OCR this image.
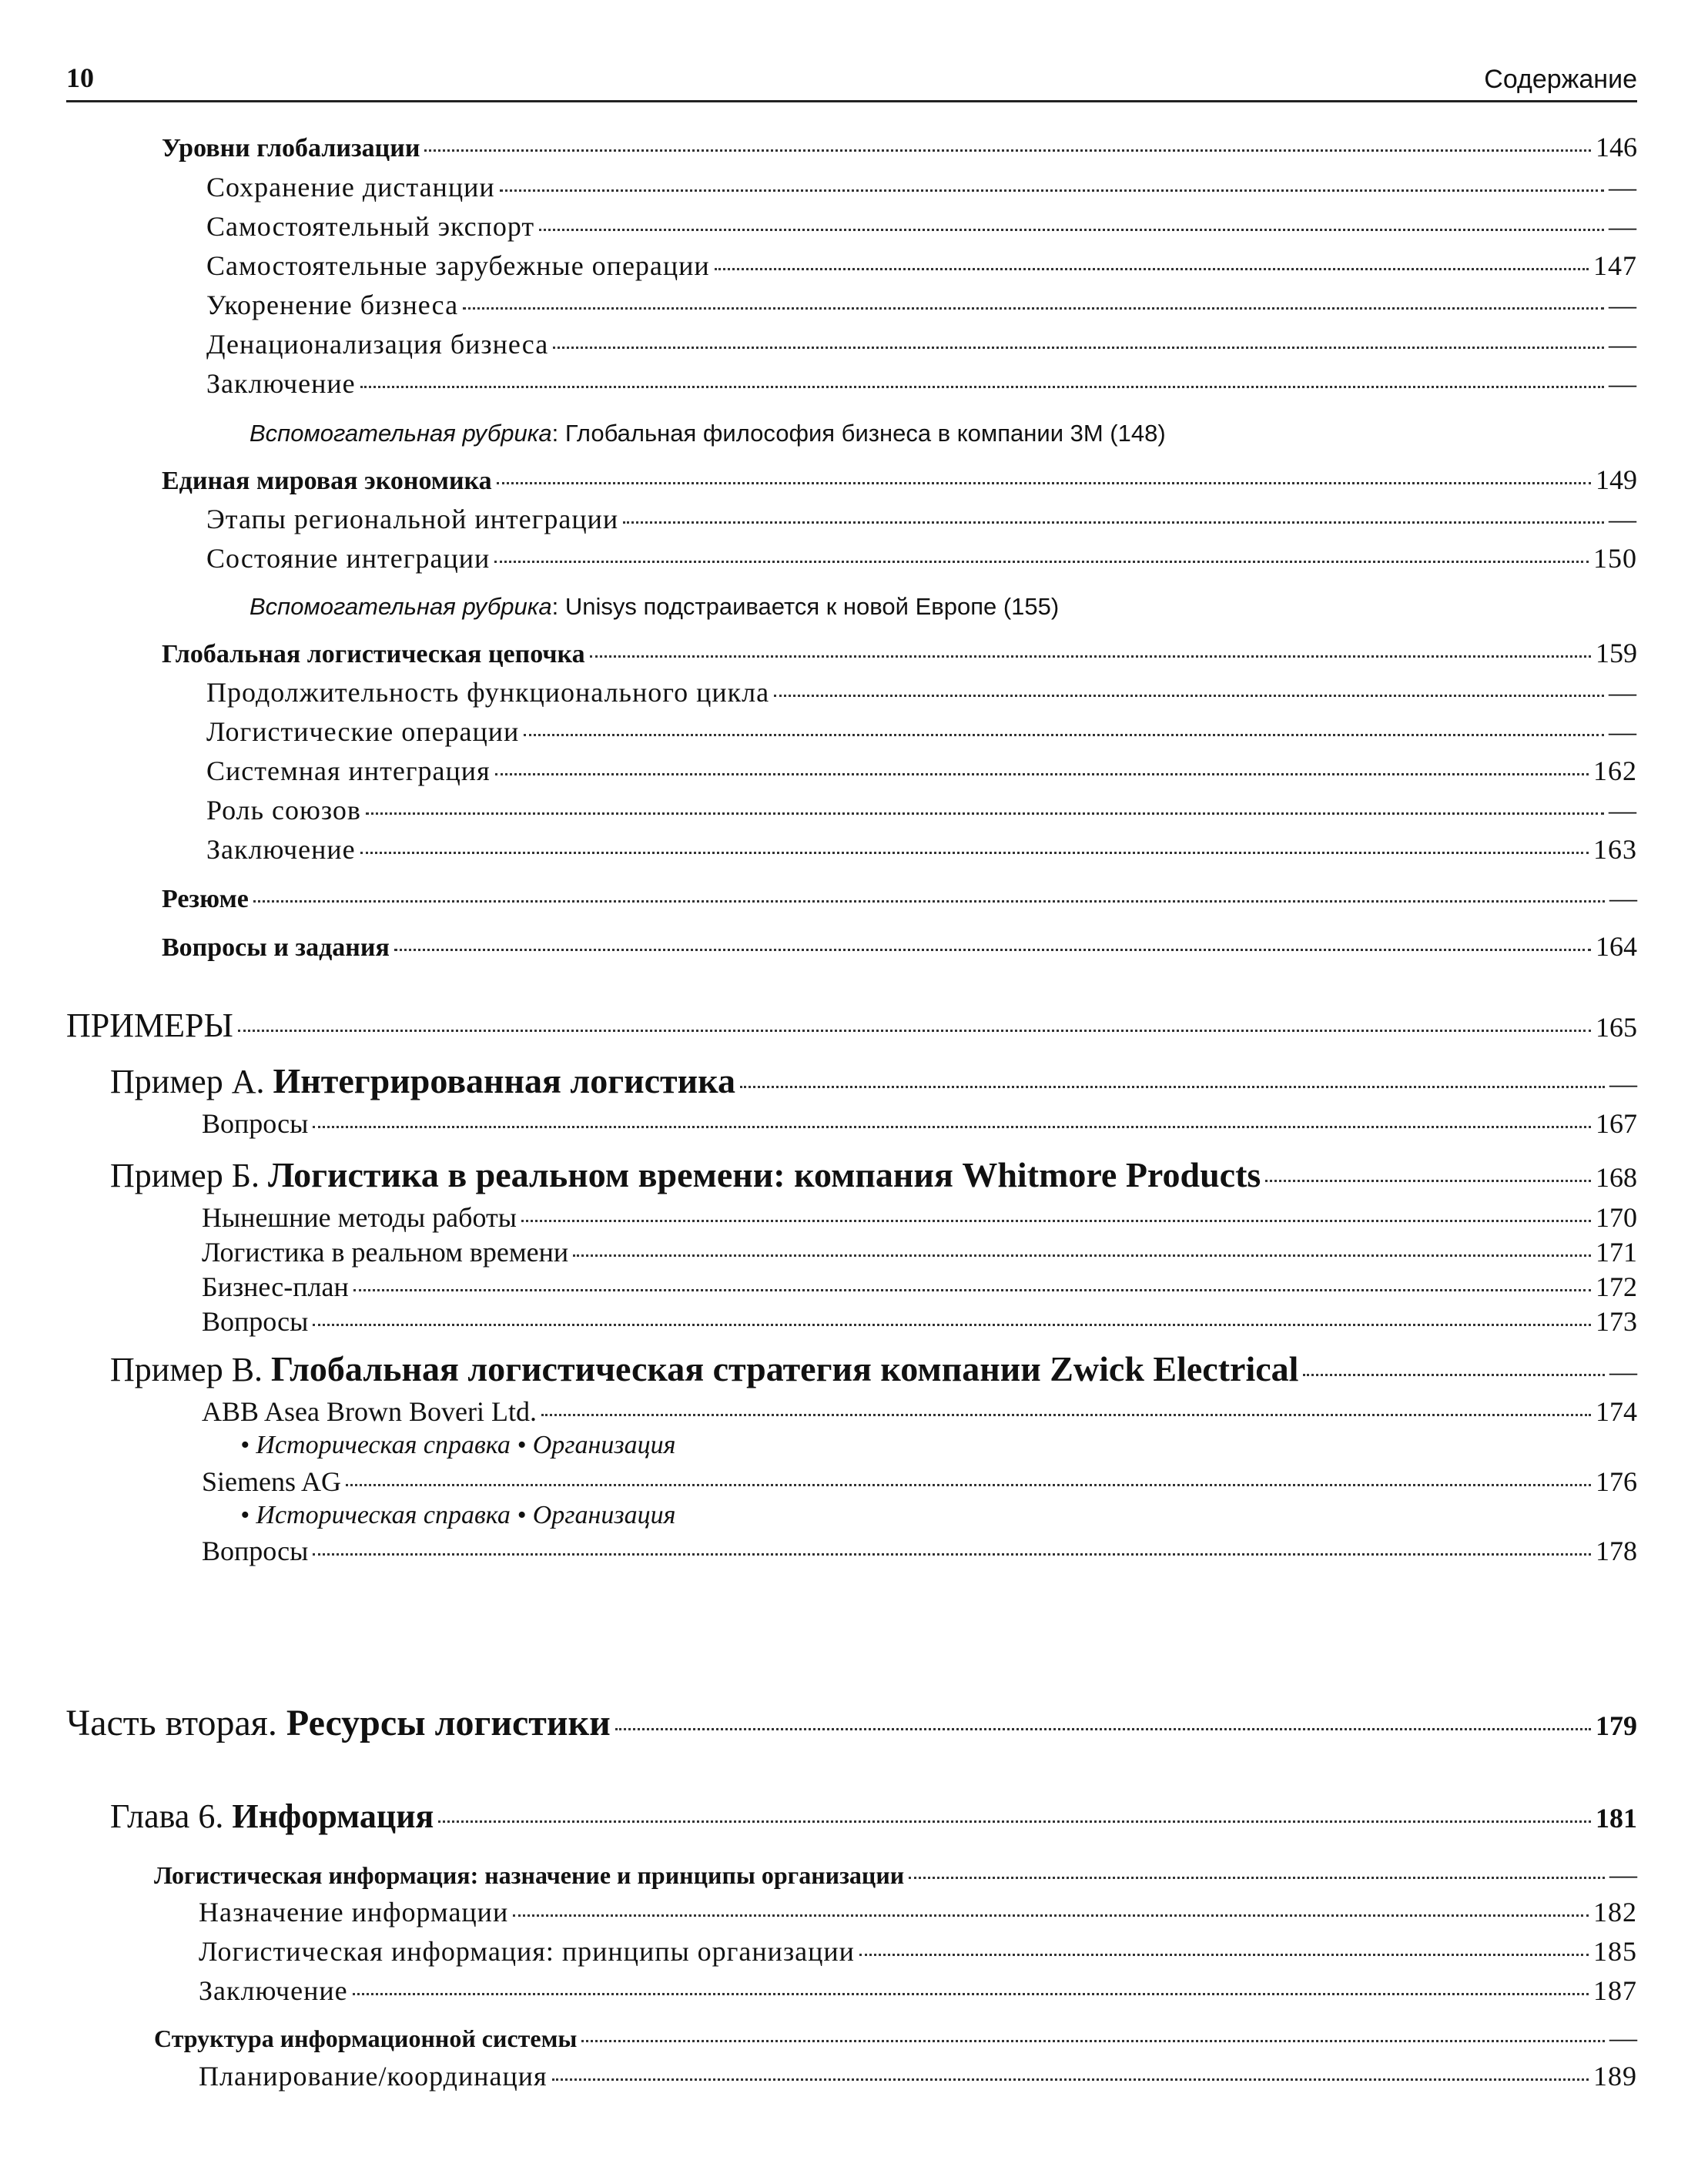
10	Содержание
Уровни глобализации	146
Сохранение дистанции	—
Самостоятельный экспорт	—
Самостоятельные зарубежные операции	147
Укоренение бизнеса	—
Денационализация бизнеса	—
Заключение	—
Вспомогательная рубрика: Глобальная философия бизнеса в компании 3M (148)
Единая мировая экономика	149
Этапы региональной интеграции	—
Состояние интеграции	150
Вспомогательная рубрика: Unisys подстраивается к новой Европе (155)
Глобальная логистическая цепочка	159
Продолжительность функционального цикла	—
Логистические операции	—
Системная интеграция	162
Роль союзов	—
Заключение	163
Резюме	—
Вопросы и задания	164
ПРИМЕРЫ	165
Пример А. Интегрированная логистика	—
Вопросы	167
Пример Б. Логистика в реальном времени: компания Whitmore Products	168
Нынешние методы работы	170
Логистика в реальном времени	171
Бизнес-план	172
Вопросы	173
Пример В. Глобальная логистическая стратегия компании Zwick Electrical	—
ABB Asea Brown Boveri Ltd.	174
• Историческая справка • Организация
Siemens AG	176
• Историческая справка • Организация
Вопросы	178
Часть вторая. Ресурсы логистики	179
Глава 6. Информация	181
Логистическая информация: назначение и принципы организации	—
Назначение информации	182
Логистическая информация: принципы организации	185
Заключение	187
Структура информационной системы	—
Планирование/координация	189
